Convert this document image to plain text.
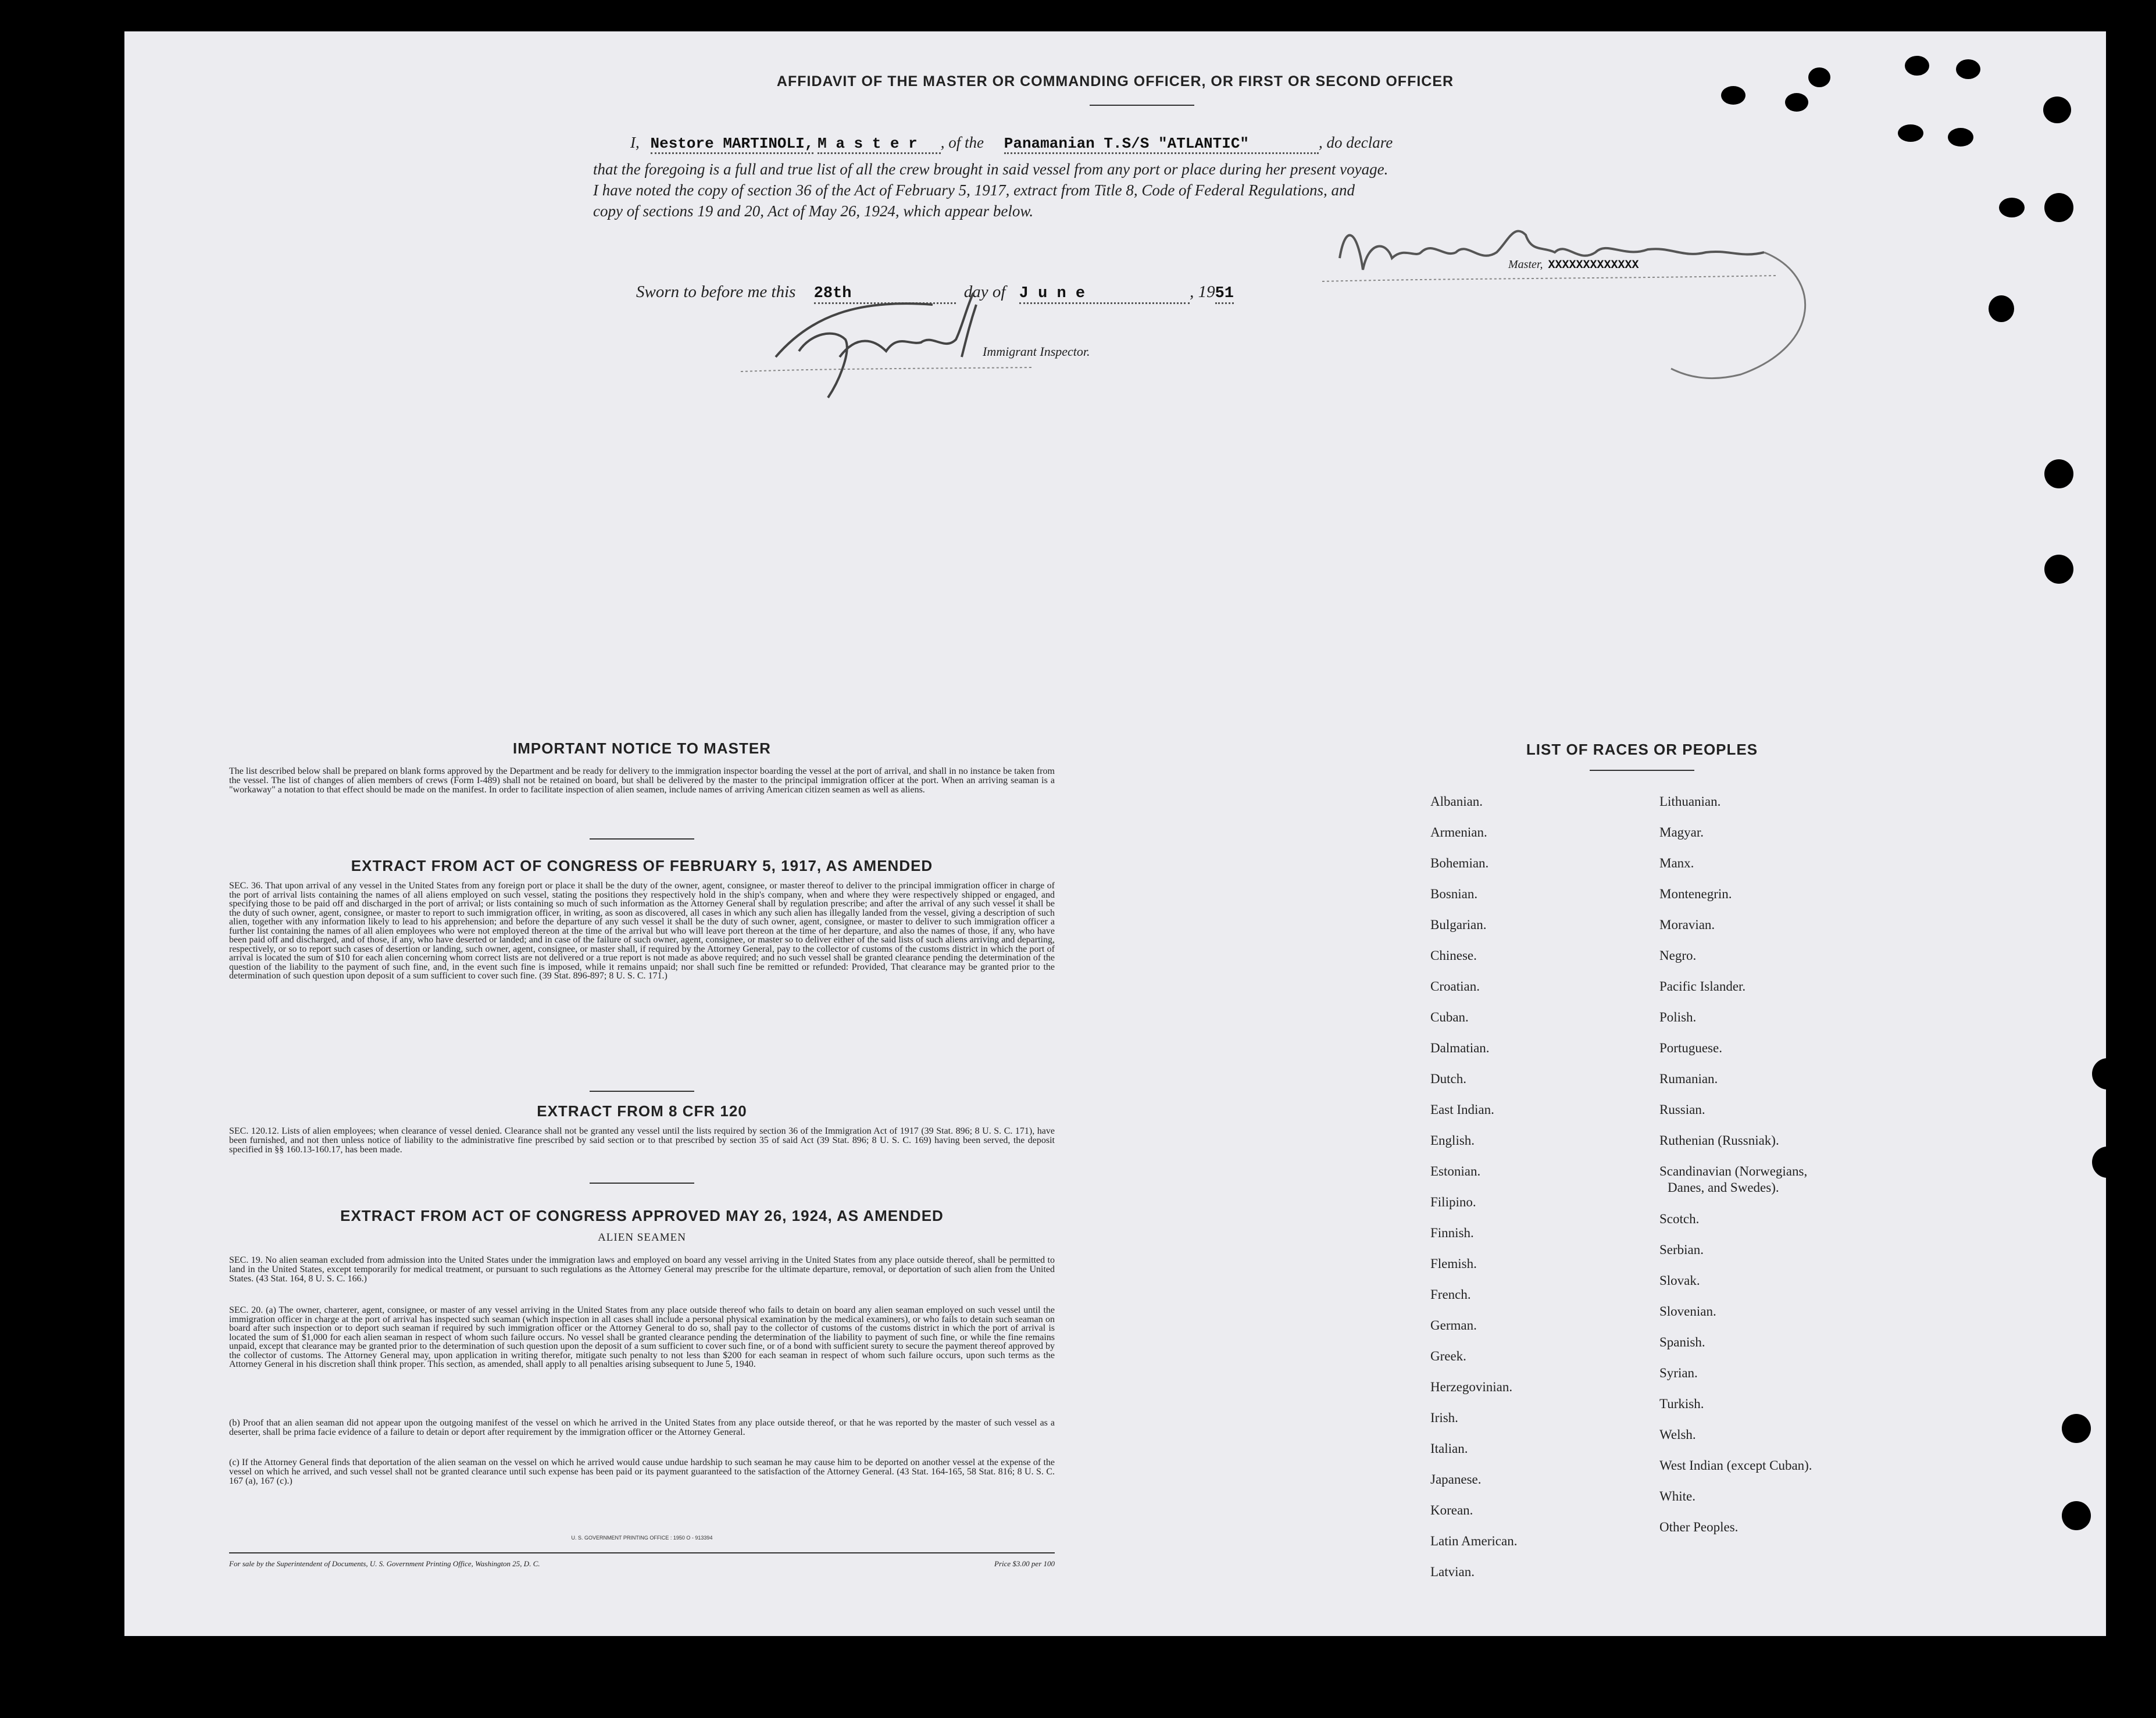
AFFIDAVIT OF THE MASTER OR COMMANDING OFFICER, OR FIRST OR SECOND OFFICER
I, Nestore MARTINOLI, M a s t e r , of the Panamanian T.S/S "ATLANTIC"	, do declare
that the foregoing is a full and true list of all the crew brought in said vessel from any port or place during her present voyage.
I have noted the copy of section 36 of the Act of February 5, 1917, extract from Title 8, Code of Federal Regulations, and
copy of sections 19 and 20, Act of May 26, 1924, which appear below.
Master, XXXXXXXXXXXXX
Sworn to before me this 28th	day of J u n e	, 1951
Immigrant Inspector.
IMPORTANT NOTICE TO MASTER
The list described below shall be prepared on blank forms approved by the Department and be ready for delivery to the immigration inspector boarding the vessel at the port of arrival, and shall in no instance be taken from the vessel. The list of changes of alien members of crews (Form I-489) shall not be retained on board, but shall be delivered by the master to the principal immigration officer at the port. When an arriving seaman is a "workaway" a notation to that effect should be made on the manifest. In order to facilitate inspection of alien seamen, include names of arriving American citizen seamen as well as aliens.
EXTRACT FROM ACT OF CONGRESS OF FEBRUARY 5, 1917, AS AMENDED
SEC. 36. That upon arrival of any vessel in the United States from any foreign port or place it shall be the duty of the owner, agent, consignee, or master thereof to deliver to the principal immigration officer in charge of the port of arrival lists containing the names of all aliens employed on such vessel, stating the positions they respectively hold in the ship's company, when and where they were respectively shipped or engaged, and specifying those to be paid off and discharged in the port of arrival; or lists containing so much of such information as the Attorney General shall by regulation prescribe; and after the arrival of any such vessel it shall be the duty of such owner, agent, consignee, or master to report to such immigration officer, in writing, as soon as discovered, all cases in which any such alien has illegally landed from the vessel, giving a description of such alien, together with any information likely to lead to his apprehension; and before the departure of any such vessel it shall be the duty of such owner, agent, consignee, or master to deliver to such immigration officer a further list containing the names of all alien employees who were not employed thereon at the time of the arrival but who will leave port thereon at the time of her departure, and also the names of those, if any, who have been paid off and discharged, and of those, if any, who have deserted or landed; and in case of the failure of such owner, agent, consignee, or master so to deliver either of the said lists of such aliens arriving and departing, respectively, or so to report such cases of desertion or landing, such owner, agent, consignee, or master shall, if required by the Attorney General, pay to the collector of customs of the customs district in which the port of arrival is located the sum of $10 for each alien concerning whom correct lists are not delivered or a true report is not made as above required; and no such vessel shall be granted clearance pending the determination of the question of the liability to the payment of such fine, and, in the event such fine is imposed, while it remains unpaid; nor shall such fine be remitted or refunded: Provided, That clearance may be granted prior to the determination of such question upon deposit of a sum sufficient to cover such fine. (39 Stat. 896-897; 8 U. S. C. 171.)
EXTRACT FROM 8 CFR 120
SEC. 120.12. Lists of alien employees; when clearance of vessel denied. Clearance shall not be granted any vessel until the lists required by section 36 of the Immigration Act of 1917 (39 Stat. 896; 8 U. S. C. 171), have been furnished, and not then unless notice of liability to the administrative fine prescribed by said section or to that prescribed by section 35 of said Act (39 Stat. 896; 8 U. S. C. 169) having been served, the deposit specified in §§ 160.13-160.17, has been made.
EXTRACT FROM ACT OF CONGRESS APPROVED MAY 26, 1924, AS AMENDED
ALIEN SEAMEN
SEC. 19. No alien seaman excluded from admission into the United States under the immigration laws and employed on board any vessel arriving in the United States from any place outside thereof, shall be permitted to land in the United States, except temporarily for medical treatment, or pursuant to such regulations as the Attorney General may prescribe for the ultimate departure, removal, or deportation of such alien from the United States. (43 Stat. 164, 8 U. S. C. 166.)
SEC. 20. (a) The owner, charterer, agent, consignee, or master of any vessel arriving in the United States from any place outside thereof who fails to detain on board any alien seaman employed on such vessel until the immigration officer in charge at the port of arrival has inspected such seaman (which inspection in all cases shall include a personal physical examination by the medical examiners), or who fails to detain such seaman on board after such inspection or to deport such seaman if required by such immigration officer or the Attorney General to do so, shall pay to the collector of customs of the customs district in which the port of arrival is located the sum of $1,000 for each alien seaman in respect of whom such failure occurs. No vessel shall be granted clearance pending the determination of the liability to payment of such fine, or while the fine remains unpaid, except that clearance may be granted prior to the determination of such question upon the deposit of a sum sufficient to cover such fine, or of a bond with sufficient surety to secure the payment thereof approved by the collector of customs. The Attorney General may, upon application in writing therefor, mitigate such penalty to not less than $200 for each seaman in respect of whom such failure occurs, upon such terms as the Attorney General in his discretion shall think proper. This section, as amended, shall apply to all penalties arising subsequent to June 5, 1940.
(b) Proof that an alien seaman did not appear upon the outgoing manifest of the vessel on which he arrived in the United States from any place outside thereof, or that he was reported by the master of such vessel as a deserter, shall be prima facie evidence of a failure to detain or deport after requirement by the immigration officer or the Attorney General.
(c) If the Attorney General finds that deportation of the alien seaman on the vessel on which he arrived would cause undue hardship to such seaman he may cause him to be deported on another vessel at the expense of the vessel on which he arrived, and such vessel shall not be granted clearance until such expense has been paid or its payment guaranteed to the satisfaction of the Attorney General. (43 Stat. 164-165, 58 Stat. 816; 8 U. S. C. 167 (a), 167 (c).)
U. S. GOVERNMENT PRINTING OFFICE : 1950 O - 913394
For sale by the Superintendent of Documents, U. S. Government Printing Office, Washington 25, D. C.	Price $3.00 per 100
LIST OF RACES OR PEOPLES
Albanian.
Armenian.
Bohemian.
Bosnian.
Bulgarian.
Chinese.
Croatian.
Cuban.
Dalmatian.
Dutch.
East Indian.
English.
Estonian.
Filipino.
Finnish.
Flemish.
French.
German.
Greek.
Herzegovinian.
Irish.
Italian.
Japanese.
Korean.
Latin American.
Latvian.
Lithuanian.
Magyar.
Manx.
Montenegrin.
Moravian.
Negro.
Pacific Islander.
Polish.
Portuguese.
Rumanian.
Russian.
Ruthenian (Russniak).
Scandinavian (Norwegians,
Danes, and Swedes).
Scotch.
Serbian.
Slovak.
Slovenian.
Spanish.
Syrian.
Turkish.
Welsh.
West Indian (except Cuban).
White.
Other Peoples.
